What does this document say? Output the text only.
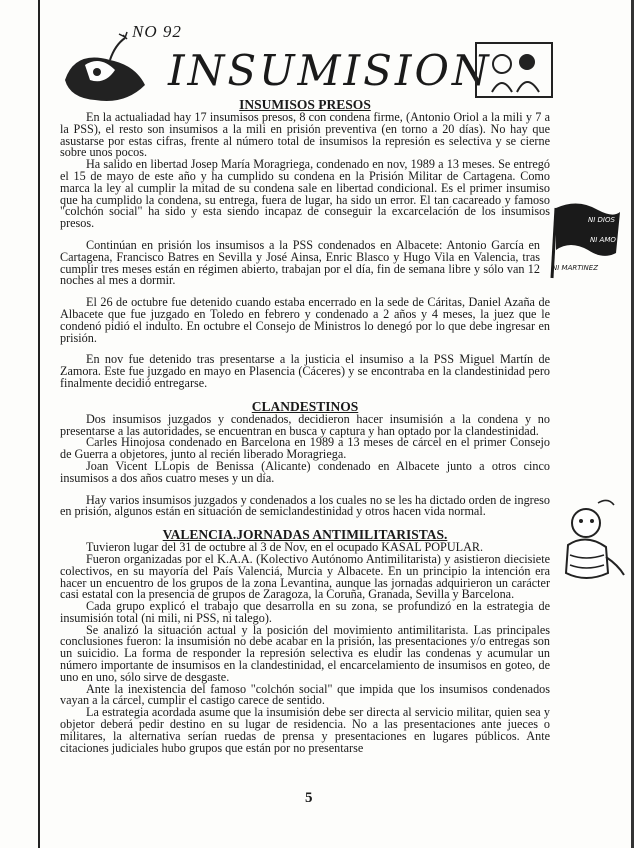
NO 92
INSUMISION

INSUMISOS PRESOS

En la actualiadad hay 17 insumisos presos, 8 con condena firme, (Antonio Oriol a la mili y 7 a la PSS), el resto son insumisos a la mili en prisión preventiva (en torno a 20 días). No hay que asustarse por estas cifras, frente al número total de insumisos la represión es selectiva y se cierne sobre unos pocos.

Ha salido en libertad Josep María Moragriega, condenado en nov, 1989 a 13 meses. Se entregó el 15 de mayo de este año y ha cumplido su condena en la Prisión Militar de Cartagena. Como marca la ley al cumplir la mitad de su condena sale en libertad condicional. Es el primer insumiso que ha cumplido la condena, su entrega, fuera de lugar, ha sido un error. El tan cacareado y famoso "colchón social" ha sido y esta siendo incapaz de conseguir la excarcelación de los insumisos presos.

Continúan en prisión los insumisos a la PSS condenados en Albacete: Antonio García en Cartagena, Francisco Batres en Sevilla y José Ainsa, Enric Blasco y Hugo Vila en Valencia, tras cumplir tres meses están en régimen abierto, trabajan por el día, fin de semana libre y sólo van 12 noches al mes a dormir.

El 26 de octubre fue detenido cuando estaba encerrado en la sede de Cáritas, Daniel Azaña de Albacete que fue juzgado en Toledo en febrero y condenado a 2 años y 4 meses, la juez que le condenó pidió el indulto. En octubre el Consejo de Ministros lo denegó por lo que debe ingresar en prisión.

En nov fue detenido tras presentarse a la justicia el insumiso a la PSS Miguel Martín de Zamora. Este fue juzgado en mayo en Plasencia (Cáceres) y se encontraba en la clandestinidad pero finalmente decidió entregarse.

CLANDESTINOS

Dos insumisos juzgados y condenados, decidieron hacer insumisión a la condena y no presentarse a las autoridades, se encuentran en busca y captura y han optado por la clandestinidad.

Carles Hinojosa condenado en Barcelona en 1989 a 13 meses de cárcel en el primer Consejo de Guerra a objetores, junto al recién liberado Moragriega.

Joan Vicent LLopis de Benissa (Alicante) condenado en Albacete junto a otros cinco insumisos a dos años cuatro meses y un día.

Hay varios insumisos juzgados y condenados a los cuales no se les ha dictado orden de ingreso en prisión, algunos están en situación de semiclandestinidad y otros hacen vida normal.

VALENCIA.JORNADAS ANTIMILITARISTAS.

Tuvieron lugar del 31 de octubre al 3 de Nov, en el ocupado KASAL POPULAR.

Fueron organizadas por el K.A.A. (Kolectivo Autónomo Antimilitarista) y asistieron diecisiete colectivos, en su mayoría del País Valenciá, Murcia y Albacete. En un principio la intención era hacer un encuentro de los grupos de la zona Levantina, aunque las jornadas adquirieron un carácter casi estatal con la presencia de grupos de Zaragoza, la Coruña, Granada, Sevilla y Barcelona.

Cada grupo explicó el trabajo que desarrolla en su zona, se profundizó en la estrategia de insumisión total (ni mili, ni PSS, ni talego).

Se analizó la situación actual y la posición del movimiento antimilitarista. Las principales conclusiones fueron: la insumisión no debe acabar en la prisión, las presentaciones y/o entregas son un suicidio. La forma de responder la represión selectiva es eludir las condenas y acumular un número importante de insumisos en la clandestinidad, el encarcelamiento de insumisos en goteo, de uno en uno, sólo sirve de desgaste.

Ante la inexistencia del famoso "colchón social" que impida que los insumisos condenados vayan a la cárcel, cumplir el castigo carece de sentido.

La estrategia acordada asume que la insumisión debe ser directa al servicio militar, quien sea y objetor deberá pedir destino en su lugar de residencia. No a las presentaciones ante jueces o militares, la alternativa serían ruedas de prensa y presentaciones en lugares públicos. Ante citaciones judiciales hubo grupos que están por no presentarse

NI DIOS
NI AMO
NI MARTINEZ
5
